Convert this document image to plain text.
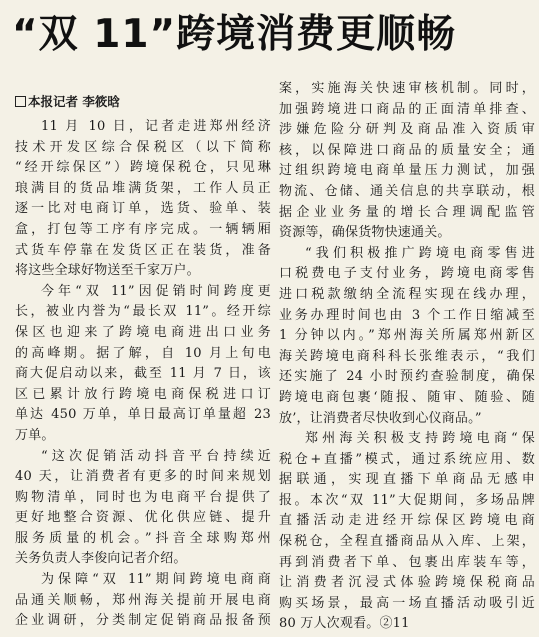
“双 11”跨境消费更顺畅
本报记者 李筱晗
11 月 10 日，记者走进郑州经济
技术开发区综合保税区（以下简称
“经开综保区”）跨境保税仓，只见琳
琅满目的货品堆满货架，工作人员正
逐一比对电商订单，选货、验单、装
盒，打包等工序有序完成。一辆辆厢
式货车停靠在发货区正在装货，准备
将这些全球好物送至千家万户。
今年“双 11”因促销时间跨度更
长，被业内誉为“最长双 11”。经开综
保区也迎来了跨境电商进出口业务
的高峰期。据了解，自 10 月上旬电
商大促启动以来，截至 11 月 7 日，该
区已累计放行跨境电商保税进口订
单达 450 万单，单日最高订单量超 23
万单。
“这次促销活动抖音平台持续近
40 天，让消费者有更多的时间来规划
购物清单，同时也为电商平台提供了
更好地整合资源、优化供应链、提升
服务质量的机会。”抖音全球购郑州
关务负责人李俊向记者介绍。
为保障“双 11”期间跨境电商商
品通关顺畅，郑州海关提前开展电商
企业调研，分类制定促销商品报备预
案，实施海关快速审核机制。同时，
加强跨境进口商品的正面清单排查、
涉嫌危险分研判及商品准入资质审
核，以保障进口商品的质量安全；通
过组织跨境电商单量压力测试，加强
物流、仓储、通关信息的共享联动，根
据企业业务量的增长合理调配监管
资源等，确保货物快速通关。
“我们积极推广跨境电商零售进
口税费电子支付业务，跨境电商零售
进口税款缴纳全流程实现在线办理，
业务办理时间也由 3 个工作日缩减至
1 分钟以内。”郑州海关所属郑州新区
海关跨境电商科科长张维表示，“我们
还实施了 24 小时预约查验制度，确保
跨境电商包裹‘随报、随审、随验、随
放’，让消费者尽快收到心仪商品。”
郑州海关积极支持跨境电商“保
税仓+直播”模式，通过系统应用、数
据联通，实现直播下单商品无感申
报。本次“双 11”大促期间，多场品牌
直播活动走进经开综保区跨境电商
保税仓，全程直播商品从入库、上架，
再到消费者下单、包裹出库装车等，
让消费者沉浸式体验跨境保税商品
购买场景，最高一场直播活动吸引近
80 万人次观看。②11
